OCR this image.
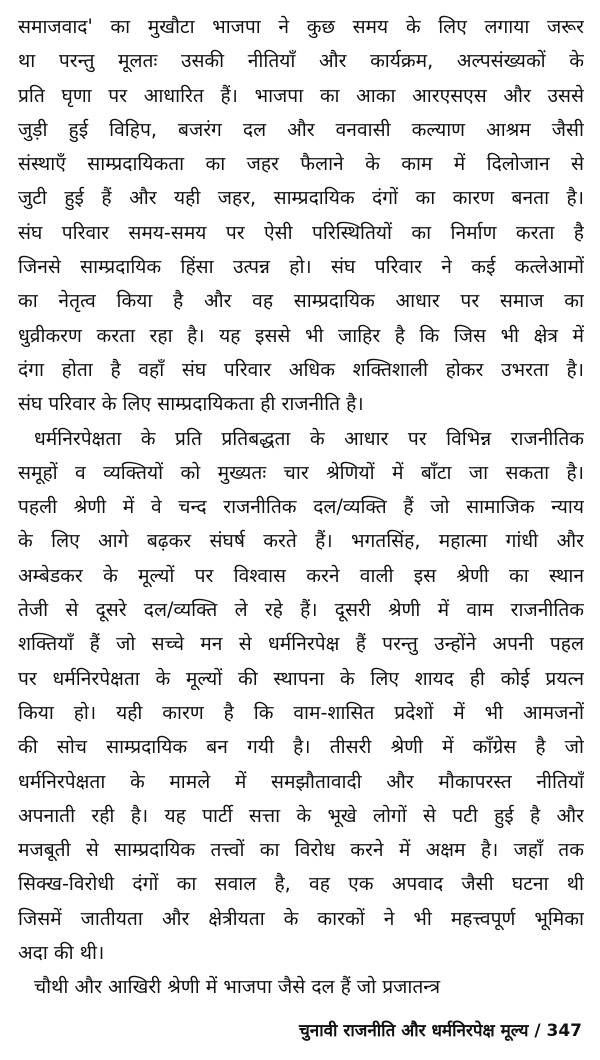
समाजवाद' का मुखौटा भाजपा ने कुछ समय के लिए लगाया जरूर
था परन्तु मूलतः उसकी नीतियाँ और कार्यक्रम, अल्पसंख्यकों के
प्रति घृणा पर आधारित हैं। भाजपा का आका आरएसएस और उससे
जुड़ी हुई विहिप, बजरंग दल और वनवासी कल्याण आश्रम जैसी
संस्थाएँ साम्प्रदायिकता का जहर फैलाने के काम में दिलोजान से
जुटी हुई हैं और यही जहर, साम्प्रदायिक दंगों का कारण बनता है।
संघ परिवार समय-समय पर ऐसी परिस्थितियों का निर्माण करता है
जिनसे साम्प्रदायिक हिंसा उत्पन्न हो। संघ परिवार ने कई कत्लेआमों
का नेतृत्व किया है और वह साम्प्रदायिक आधार पर समाज का
धुव्रीकरण करता रहा है। यह इससे भी जाहिर है कि जिस भी क्षेत्र में
दंगा होता है वहाँ संघ परिवार अधिक शक्तिशाली होकर उभरता है।
संघ परिवार के लिए साम्प्रदायिकता ही राजनीति है।
धर्मनिरपेक्षता के प्रति प्रतिबद्धता के आधार पर विभिन्न राजनीतिक
समूहों व व्यक्तियों को मुख्यतः चार श्रेणियों में बाँटा जा सकता है।
पहली श्रेणी में वे चन्द राजनीतिक दल/व्यक्ति हैं जो सामाजिक न्याय
के लिए आगे बढ़कर संघर्ष करते हैं। भगतसिंह, महात्मा गांधी और
अम्बेडकर के मूल्यों पर विश्वास करने वाली इस श्रेणी का स्थान
तेजी से दूसरे दल/व्यक्ति ले रहे हैं। दूसरी श्रेणी में वाम राजनीतिक
शक्तियाँ हैं जो सच्चे मन से धर्मनिरपेक्ष हैं परन्तु उन्होंने अपनी पहल
पर धर्मनिरपेक्षता के मूल्यों की स्थापना के लिए शायद ही कोई प्रयत्न
किया हो। यही कारण है कि वाम-शासित प्रदेशों में भी आमजनों
की सोच साम्प्रदायिक बन गयी है। तीसरी श्रेणी में काँग्रेस है जो
धर्मनिरपेक्षता के मामले में समझौतावादी और मौकापरस्त नीतियाँ
अपनाती रही है। यह पार्टी सत्ता के भूखे लोगों से पटी हुई है और
मजबूती से साम्प्रदायिक तत्त्वों का विरोध करने में अक्षम है। जहाँ तक
सिक्ख-विरोधी दंगों का सवाल है, वह एक अपवाद जैसी घटना थी
जिसमें जातीयता और क्षेत्रीयता के कारकों ने भी महत्त्वपूर्ण भूमिका
अदा की थी।
चौथी और आखिरी श्रेणी में भाजपा जैसे दल हैं जो प्रजातन्त्र
चुनावी राजनीति और धर्मनिरपेक्ष मूल्य / 347
